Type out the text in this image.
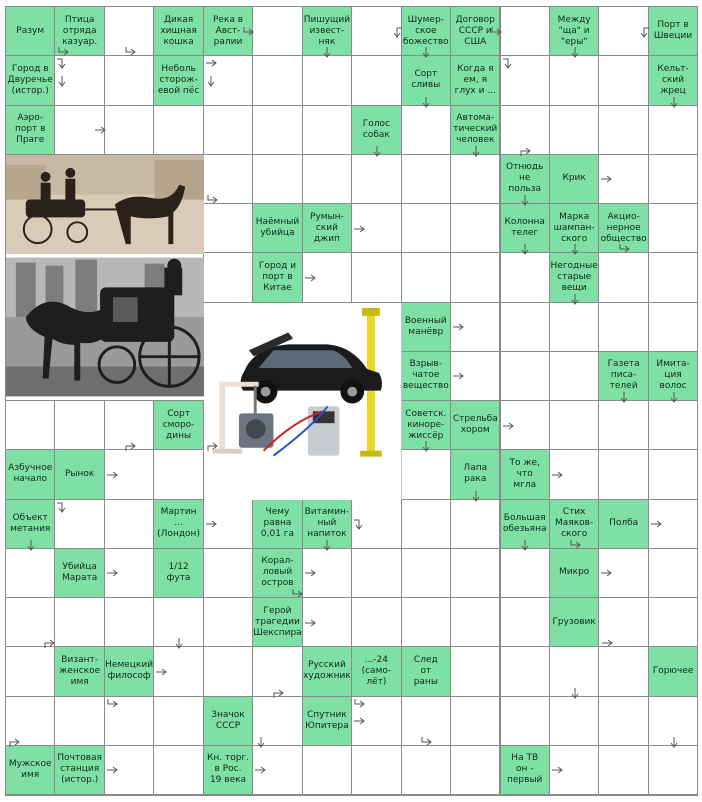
Разум
Птица
отряда
казуар.
Дикая
хищная
кошка
Река в
Авст-
ралии
Пишущий
извест-
няк
Шумер-
ское
божество
Договор
СССР и
США
Между
"ща" и
"еры"
Порт в
Швеции
Город в
Двуречье
(истор.)
Неболь
сторож-
евой пёс
Сорт
сливы
Когда я
ем, я
глух и ...
Кельт-
ский
жрец
Аэро-
порт в
Праге
Голос
собак
Автома-
тический
человек
Отнюдь
не
польза
Крик
Наёмный
убийца
Румын-
ский
джип
Колонна
телег
Марка
шампан-
ского
Акцио-
нерное
общество
Город и
порт в
Китае
Негодные
старые
вещи
Военный
манёвр
Взрыв-
чатое
вещество
Газета
писа-
телей
Имита-
ция
волос
Сорт
сморо-
дины
Советск.
кинорe-
жиссёр
Стрельба
хором
Азбучное
начало
Рынок
Лапа
рака
То же,
что
мгла
Объект
метания
Мартин
...
(Лондон)
Чему
равна
0,01 га
Витамин-
ный
напиток
Большая
обезьяна
Стих
Маяков-
ского
Полба
Убийца
Марата
1/12
фута
Корал-
ловый
остров
Микро
Герой
трагедии
Шекспира
Грузовик
Визант-
женское
имя
Немецкий
философ
Русский
художник
...-24
(само-
лёт)
След
от
раны
Горючее
Значок
СССР
Спутник
Юпитера
Мужское
имя
Почтовая
станция
(истор.)
Кн. торг.
в Рос.
19 века
На ТВ
он -
первый
